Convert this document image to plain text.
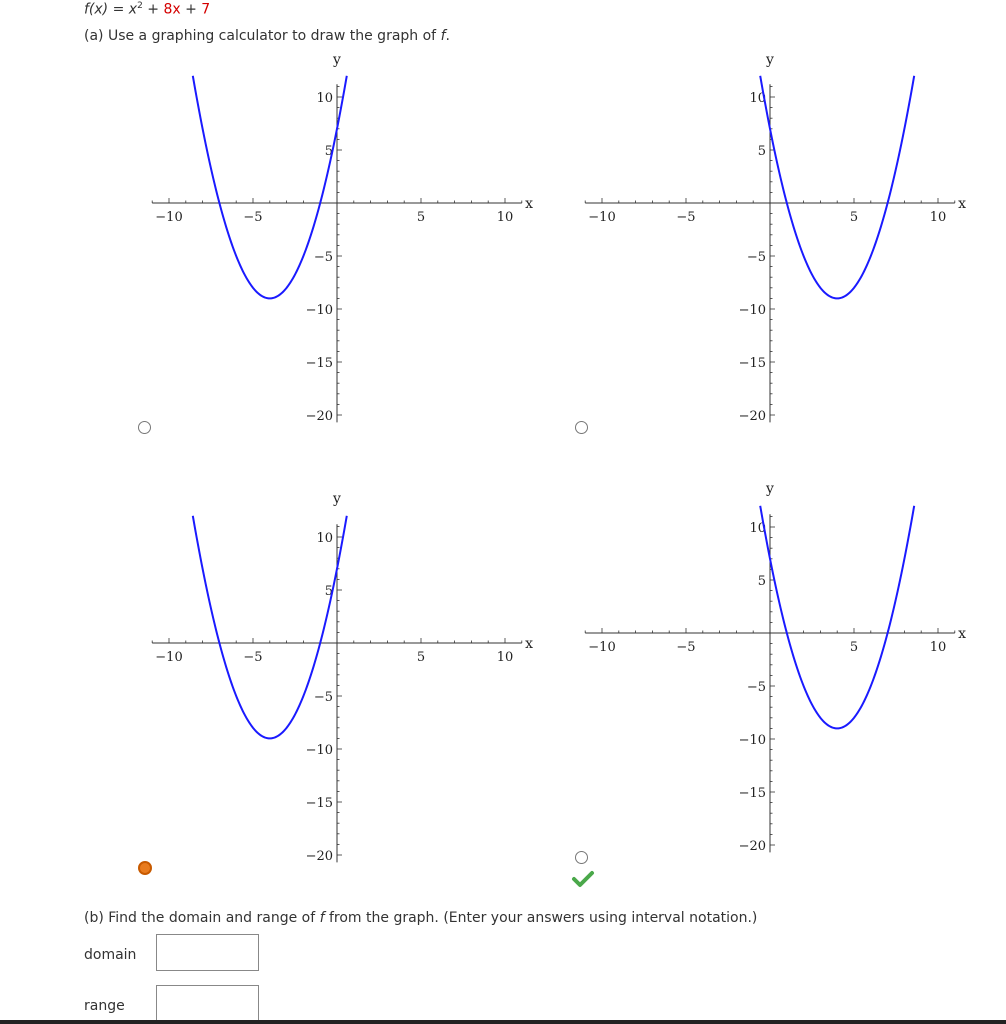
$f(x) = x^2 + 8x + 7$
(a) Use a graphing calculator to draw the graph of f.
−10	−5	5	10
10
5
−5
−10
−15
−20
x
y
−10	−5	5	10
10
5
−5
−10
−15
−20
x
y
−10	−5	5	10
10
5
−5
−10
−15
−20
x
y
−10	−5	5	10
10
5
−5
−10
−15
−20
x
y
(b) Find the domain and range of f from the graph. (Enter your answers using interval notation.)
domain
range
